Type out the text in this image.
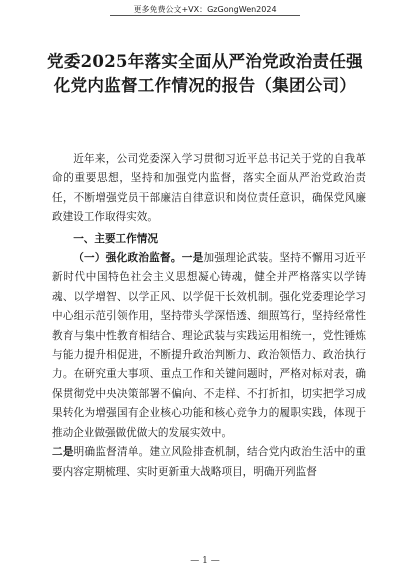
更多免费公文+VX：GzGongWen2024
党委2025年落实全面从严治党政治责任强化党内监督工作情况的报告（集团公司）

近年来，公司党委深入学习贯彻习近平总书记关于党的自我革命的重要思想，坚持和加强党内监督，落实全面从严治党政治责任，不断增强党员干部廉洁自律意识和岗位责任意识，确保党风廉政建设工作取得实效。

一、主要工作情况

（一）强化政治监督。一是加强理论武装。坚持不懈用习近平新时代中国特色社会主义思想凝心铸魂，健全并严格落实以学铸魂、以学增智、以学正风、以学促干长效机制。强化党委理论学习中心组示范引领作用，坚持带头学深悟透、细照笃行，坚持经常性教育与集中性教育相结合、理论武装与实践运用相统一，党性锤炼与能力提升相促进，不断提升政治判断力、政治领悟力、政治执行力。在研究重大事项、重点工作和关键问题时，严格对标对表，确保贯彻党中央决策部署不偏向、不走样、不打折扣，切实把学习成果转化为增强国有企业核心功能和核心竞争力的履职实践，体现于推动企业做强做优做大的发展实效中。

二是明确监督清单。建立风险排查机制，结合党内政治生活中的重要内容定期梳理、实时更新重大战略项目，明确开列监督

— 1 —
